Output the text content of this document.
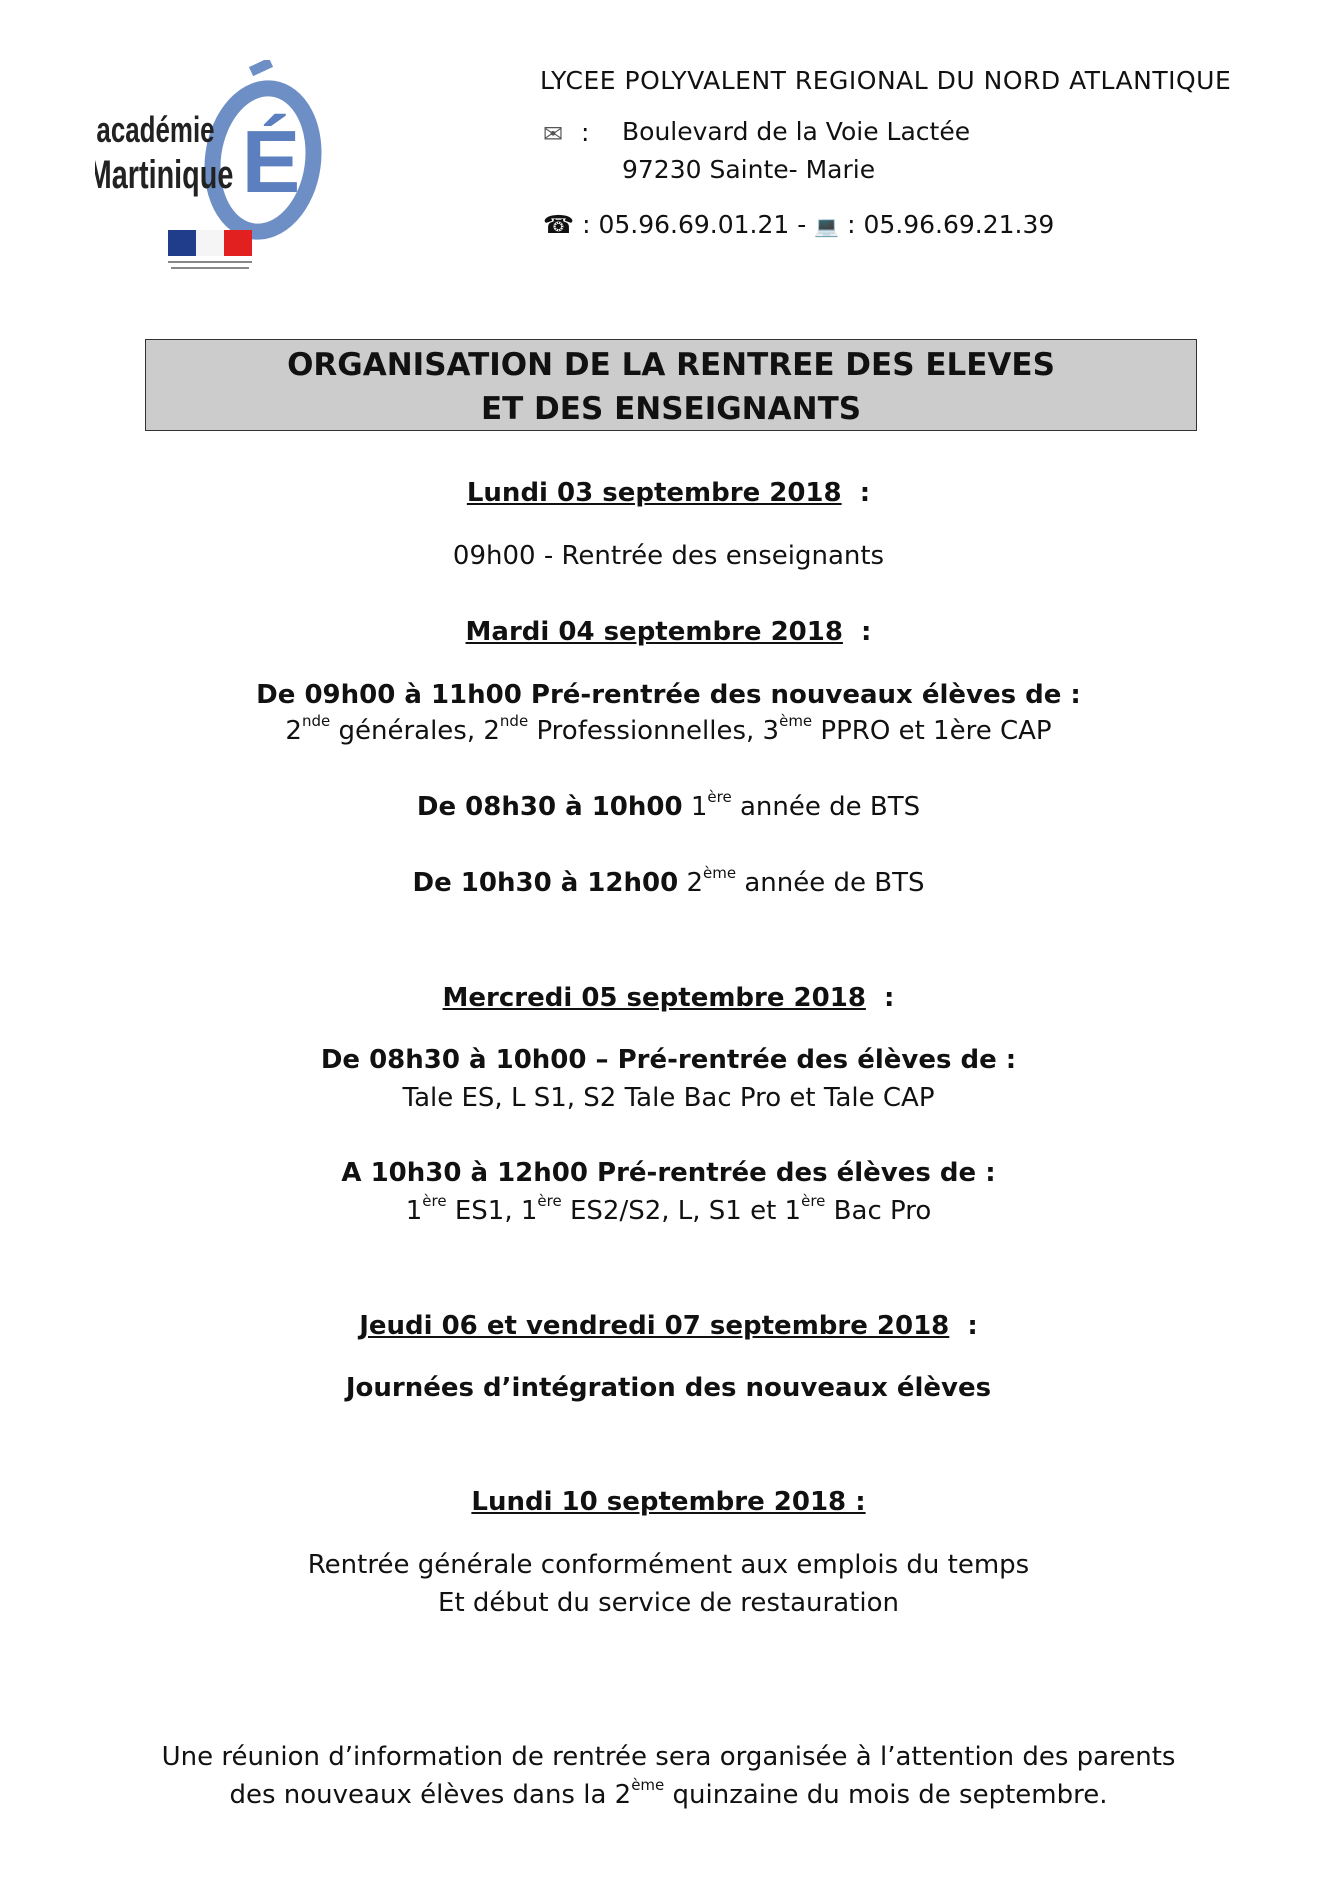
É
académie
Martinique
LYCEE POLYVALENT REGIONAL DU NORD ATLANTIQUE
✉ : Boulevard de la Voie Lactée
97230 Sainte- Marie
☎ : 05.96.69.01.21 - 💻 : 05.96.69.21.39
ORGANISATION DE LA RENTREE DES ELEVES
ET DES ENSEIGNANTS
Lundi 03 septembre 2018  :
09h00 - Rentrée des enseignants
Mardi 04 septembre 2018  :
De 09h00 à 11h00 Pré-rentrée des nouveaux élèves de :
2nde générales, 2nde Professionnelles, 3ème PPRO et 1ère CAP
De 08h30 à 10h00 1ère année de BTS
De 10h30 à 12h00 2ème année de BTS
Mercredi 05 septembre 2018  :
De 08h30 à 10h00 – Pré-rentrée des élèves de :
Tale ES, L S1, S2 Tale Bac Pro et Tale CAP
A 10h30 à 12h00 Pré-rentrée des élèves de :
1ère ES1, 1ère ES2/S2, L, S1 et 1ère Bac Pro
Jeudi 06 et vendredi 07 septembre 2018  :
Journées d’intégration des nouveaux élèves
Lundi 10 septembre 2018 :
Rentrée générale conformément aux emplois du temps
Et début du service de restauration
Une réunion d’information de rentrée sera organisée à l’attention des parents
des nouveaux élèves dans la 2ème quinzaine du mois de septembre.
